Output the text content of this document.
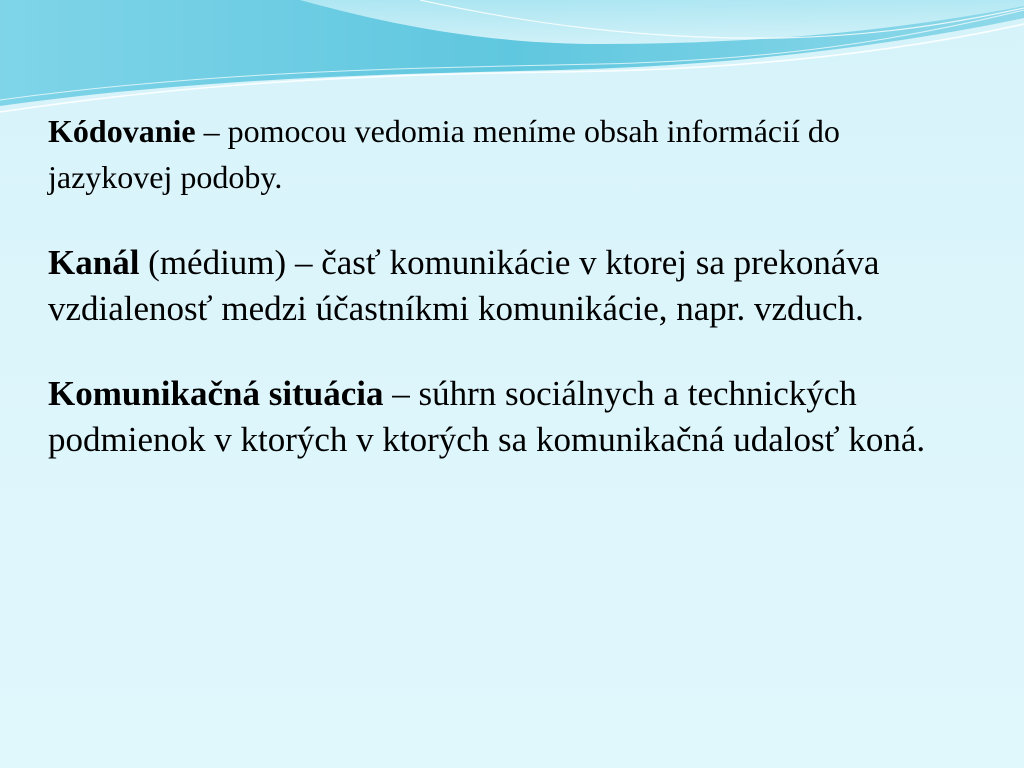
Kódovanie – pomocou vedomia meníme obsah informácií do jazykovej podoby.

Kanál (médium) – časť komunikácie v ktorej sa prekonáva vzdialenosť medzi účastníkmi komunikácie, napr. vzduch.

Komunikačná situácia – súhrn sociálnych a technických podmienok v ktorých v ktorých sa komunikačná udalosť koná.
